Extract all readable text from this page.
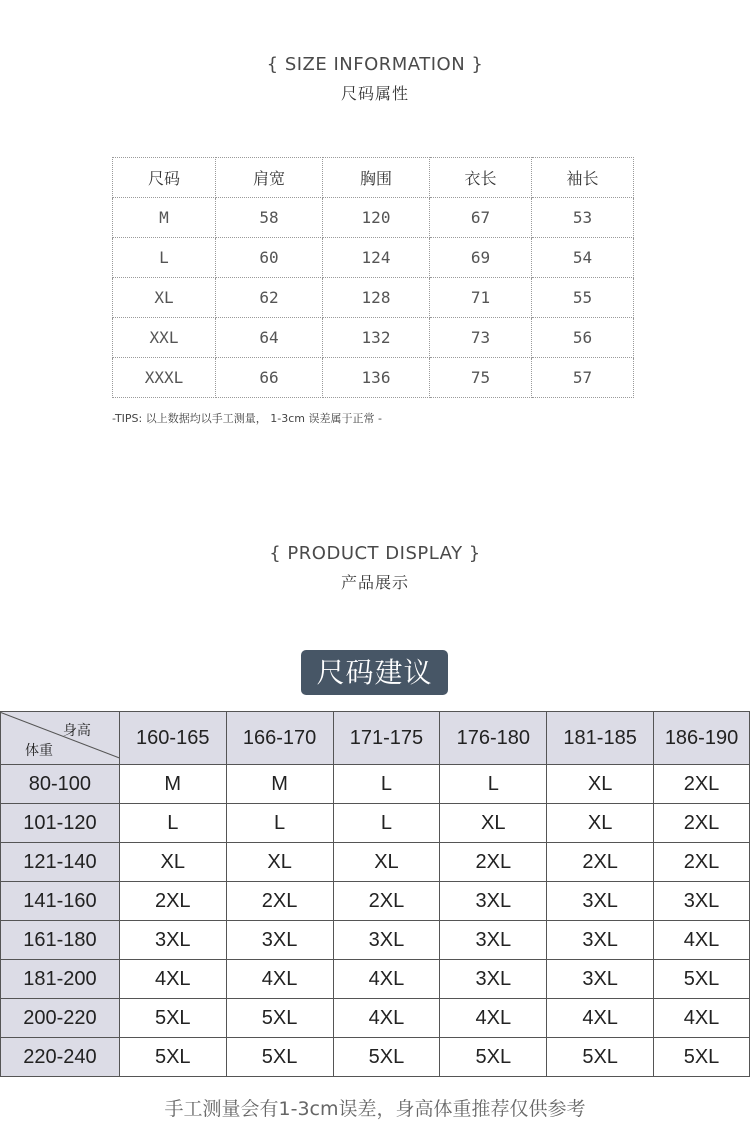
{ SIZE INFORMATION }
尺码属性
尺码	肩宽	胸围	衣长	袖长
M	58	120	67	53
L	60	124	69	54
XL	62	128	71	55
XXL	64	132	73	56
XXXL	66	136	75	57
-TIPS: 以上数据均以手工测量， 1-3cm 误差属于正常 -
{ PRODUCT DISPLAY }
产品展示
尺码建议
身高
体重	160-165	166-170	171-175	176-180	181-185	186-190
80-100	M	M	L	L	XL	2XL
101-120	L	L	L	XL	XL	2XL
121-140	XL	XL	XL	2XL	2XL	2XL
141-160	2XL	2XL	2XL	3XL	3XL	3XL
161-180	3XL	3XL	3XL	3XL	3XL	4XL
181-200	4XL	4XL	4XL	3XL	3XL	5XL
200-220	5XL	5XL	4XL	4XL	4XL	4XL
220-240	5XL	5XL	5XL	5XL	5XL	5XL
手工测量会有1-3cm误差，身高体重推荐仅供参考
